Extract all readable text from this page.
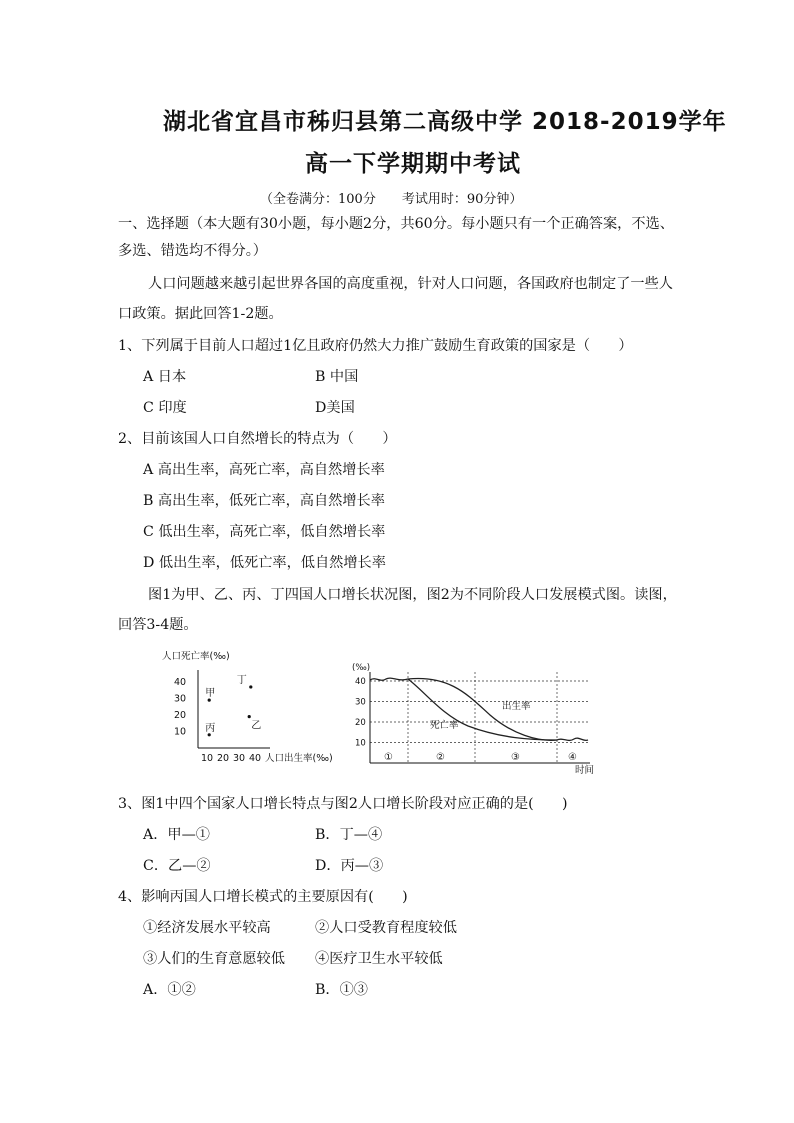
湖北省宜昌市秭归县第二高级中学 2018-2019学年
高一下学期期中考试
（全卷满分：100分　　考试用时：90分钟）
一、选择题（本大题有30小题，每小题2分，共60分。每小题只有一个正确答案，不选、
多选、错选均不得分。）
人口问题越来越引起世界各国的高度重视，针对人口问题，各国政府也制定了一些人
口政策。据此回答1-2题。
1、下列属于目前人口超过1亿且政府仍然大力推广鼓励生育政策的国家是（　　）
A 日本	B 中国
C 印度	D美国
2、目前该国人口自然增长的特点为（　　）
A 高出生率，高死亡率，高自然增长率
B 高出生率，低死亡率，高自然增长率
C 低出生率，高死亡率，低自然增长率
D 低出生率，低死亡率，低自然增长率
图1为甲、乙、丙、丁四国人口增长状况图，图2为不同阶段人口发展模式图。读图，
回答3-4题。
人口死亡率(‰)
10
20
30
40
10 20 30 40
甲
乙
丙
丁
人口出生率(‰)
(‰)
10
20
30
40
出生率
死亡率
①	②	③	④
时间
3、图1中四个国家人口增长特点与图2人口增长阶段对应正确的是(　　)
A．甲—①	B．丁—④
C．乙—②	D．丙—③
4、影响丙国人口增长模式的主要原因有(　　)
①经济发展水平较高	②人口受教育程度较低
③人们的生育意愿较低 ④医疗卫生水平较低
A．①②	B．①③
